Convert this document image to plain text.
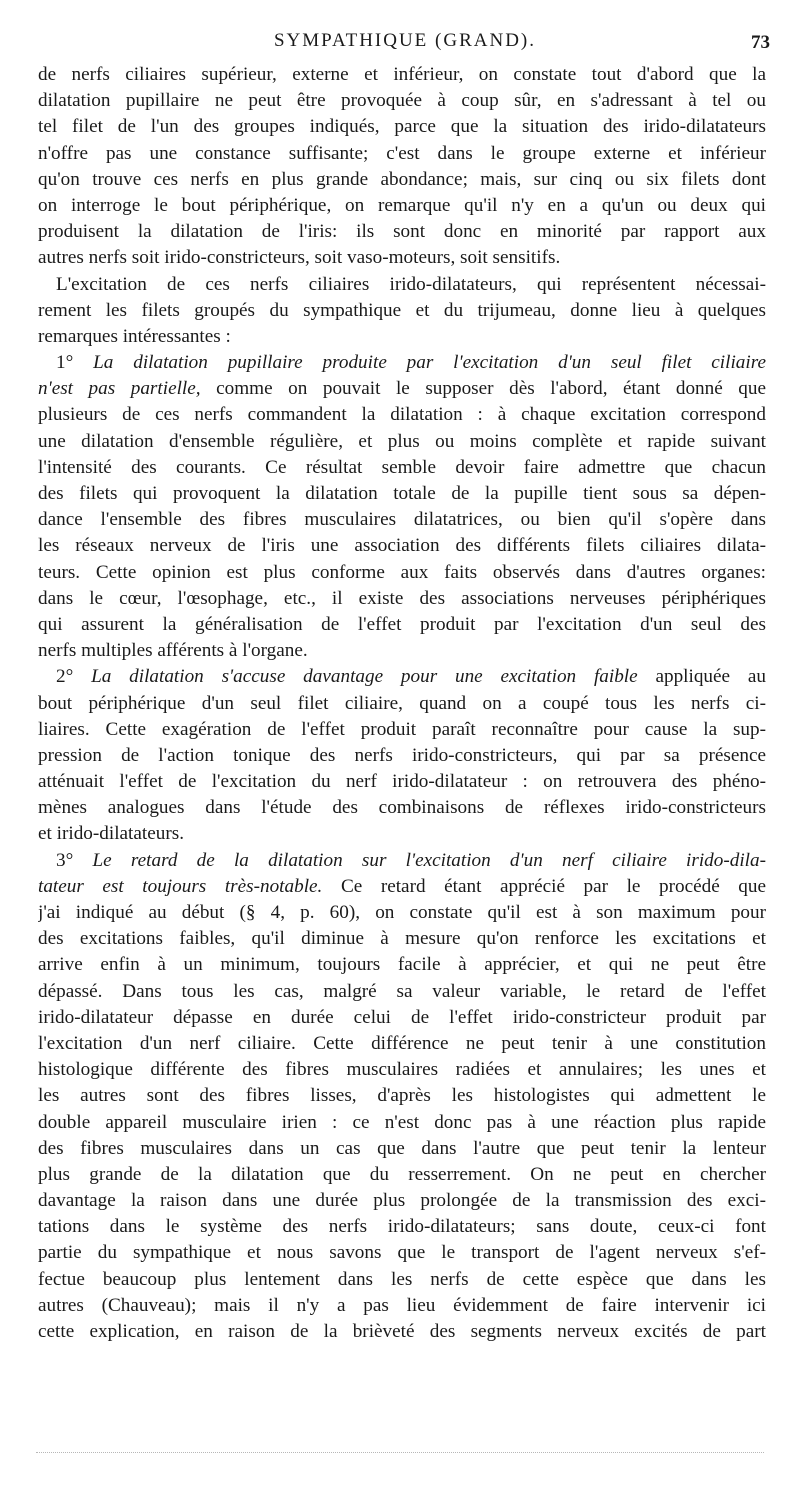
SYMPATHIQUE (GRAND).	73
de nerfs ciliaires supérieur, externe et inférieur, on constate tout d'abord que la
dilatation pupillaire ne peut être provoquée à coup sûr, en s'adressant à tel ou
tel filet de l'un des groupes indiqués, parce que la situation des irido-dilatateurs
n'offre pas une constance suffisante; c'est dans le groupe externe et inférieur
qu'on trouve ces nerfs en plus grande abondance; mais, sur cinq ou six filets dont
on interroge le bout périphérique, on remarque qu'il n'y en a qu'un ou deux qui
produisent la dilatation de l'iris: ils sont donc en minorité par rapport aux
autres nerfs soit irido-constricteurs, soit vaso-moteurs, soit sensitifs.
L'excitation de ces nerfs ciliaires irido-dilatateurs, qui représentent nécessai-
rement les filets groupés du sympathique et du trijumeau, donne lieu à quelques
remarques intéressantes :
1° La dilatation pupillaire produite par l'excitation d'un seul filet ciliaire
n'est pas partielle, comme on pouvait le supposer dès l'abord, étant donné que
plusieurs de ces nerfs commandent la dilatation : à chaque excitation correspond
une dilatation d'ensemble régulière, et plus ou moins complète et rapide suivant
l'intensité des courants. Ce résultat semble devoir faire admettre que chacun
des filets qui provoquent la dilatation totale de la pupille tient sous sa dépen-
dance l'ensemble des fibres musculaires dilatatrices, ou bien qu'il s'opère dans
les réseaux nerveux de l'iris une association des différents filets ciliaires dilata-
teurs. Cette opinion est plus conforme aux faits observés dans d'autres organes:
dans le cœur, l'œsophage, etc., il existe des associations nerveuses périphériques
qui assurent la généralisation de l'effet produit par l'excitation d'un seul des
nerfs multiples afférents à l'organe.
2° La dilatation s'accuse davantage pour une excitation faible appliquée au
bout périphérique d'un seul filet ciliaire, quand on a coupé tous les nerfs ci-
liaires. Cette exagération de l'effet produit paraît reconnaître pour cause la sup-
pression de l'action tonique des nerfs irido-constricteurs, qui par sa présence
atténuait l'effet de l'excitation du nerf irido-dilatateur : on retrouvera des phéno-
mènes analogues dans l'étude des combinaisons de réflexes irido-constricteurs
et irido-dilatateurs.
3° Le retard de la dilatation sur l'excitation d'un nerf ciliaire irido-dila-
tateur est toujours très-notable. Ce retard étant apprécié par le procédé que
j'ai indiqué au début (§ 4, p. 60), on constate qu'il est à son maximum pour
des excitations faibles, qu'il diminue à mesure qu'on renforce les excitations et
arrive enfin à un minimum, toujours facile à apprécier, et qui ne peut être
dépassé. Dans tous les cas, malgré sa valeur variable, le retard de l'effet
irido-dilatateur dépasse en durée celui de l'effet irido-constricteur produit par
l'excitation d'un nerf ciliaire. Cette différence ne peut tenir à une constitution
histologique différente des fibres musculaires radiées et annulaires; les unes et
les autres sont des fibres lisses, d'après les histologistes qui admettent le
double appareil musculaire irien : ce n'est donc pas à une réaction plus rapide
des fibres musculaires dans un cas que dans l'autre que peut tenir la lenteur
plus grande de la dilatation que du resserrement. On ne peut en chercher
davantage la raison dans une durée plus prolongée de la transmission des exci-
tations dans le système des nerfs irido-dilatateurs; sans doute, ceux-ci font
partie du sympathique et nous savons que le transport de l'agent nerveux s'ef-
fectue beaucoup plus lentement dans les nerfs de cette espèce que dans les
autres (Chauveau); mais il n'y a pas lieu évidemment de faire intervenir ici
cette explication, en raison de la brièveté des segments nerveux excités de part
